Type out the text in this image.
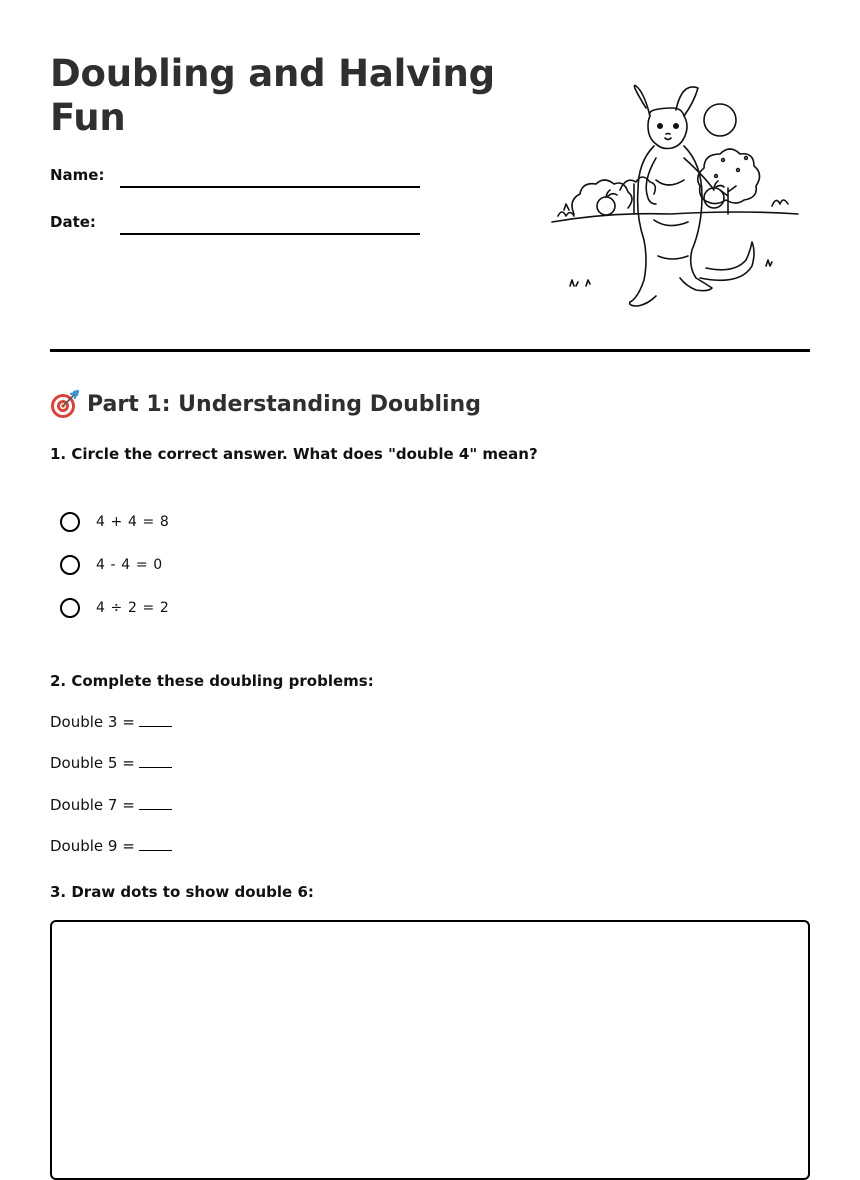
Doubling and Halving Fun
Name:
Date:
Part 1: Understanding Doubling
1. Circle the correct answer. What does "double 4" mean?
4 + 4 = 8
4 - 4 = 0
4 ÷ 2 = 2
2. Complete these doubling problems:
Double 3 =
Double 5 =
Double 7 =
Double 9 =
3. Draw dots to show double 6:
